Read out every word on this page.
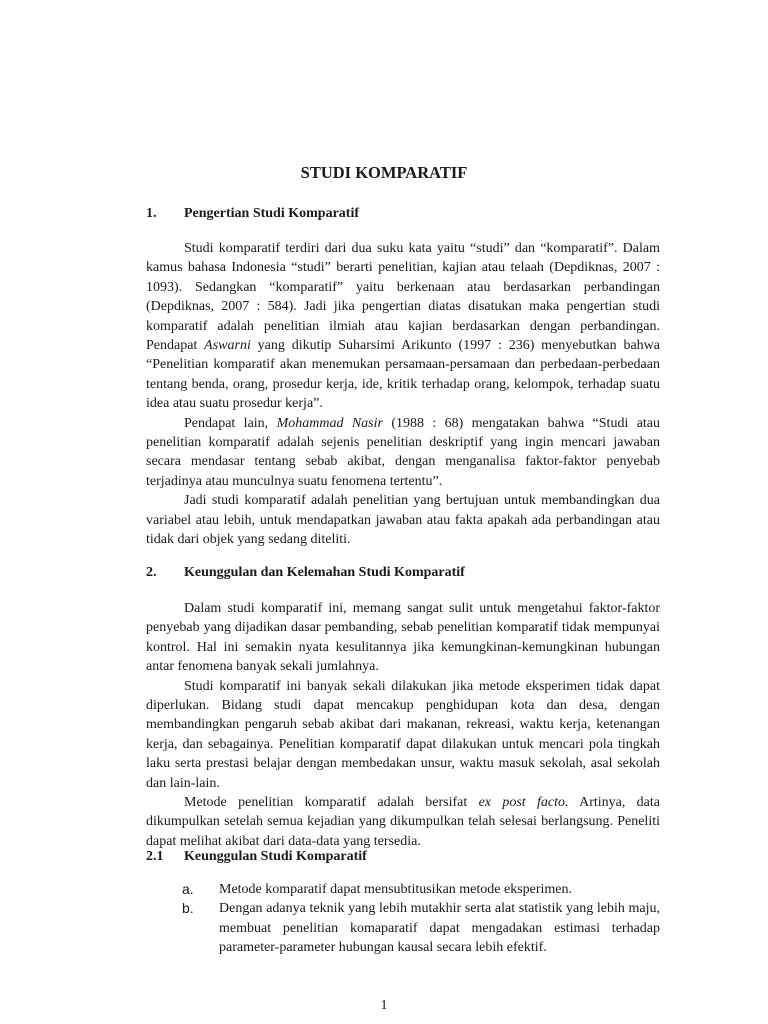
STUDI KOMPARATIF
1. Pengertian Studi Komparatif

Studi komparatif terdiri dari dua suku kata yaitu “studi” dan “komparatif”. Dalam kamus bahasa Indonesia “studi” berarti penelitian, kajian atau telaah (Depdiknas, 2007 : 1093). Sedangkan “komparatif” yaitu berkenaan atau berdasarkan perbandingan (Depdiknas, 2007 : 584). Jadi jika pengertian diatas disatukan maka pengertian studi komparatif adalah penelitian ilmiah atau kajian berdasarkan dengan perbandingan. Pendapat Aswarni yang dikutip Suharsimi Arikunto (1997 : 236) menyebutkan bahwa “Penelitian komparatif akan menemukan persamaan-persamaan dan perbedaan-perbedaan tentang benda, orang, prosedur kerja, ide, kritik terhadap orang, kelompok, terhadap suatu idea atau suatu prosedur kerja”.

Pendapat lain, Mohammad Nasir (1988 : 68) mengatakan bahwa “Studi atau penelitian komparatif adalah sejenis penelitian deskriptif yang ingin mencari jawaban secara mendasar tentang sebab akibat, dengan menganalisa faktor-faktor penyebab terjadinya atau munculnya suatu fenomena tertentu”.

Jadi studi komparatif adalah penelitian yang bertujuan untuk membandingkan dua variabel atau lebih, untuk mendapatkan jawaban atau fakta apakah ada perbandingan atau tidak dari objek yang sedang diteliti.

2. Keunggulan dan Kelemahan Studi Komparatif

Dalam studi komparatif ini, memang sangat sulit untuk mengetahui faktor-faktor penyebab yang dijadikan dasar pembanding, sebab penelitian komparatif tidak mempunyai kontrol. Hal ini semakin nyata kesulitannya jika kemungkinan-kemungkinan hubungan antar fenomena banyak sekali jumlahnya.

Studi komparatif ini banyak sekali dilakukan jika metode eksperimen tidak dapat diperlukan. Bidang studi dapat mencakup penghidupan kota dan desa, dengan membandingkan pengaruh sebab akibat dari makanan, rekreasi, waktu kerja, ketenangan kerja, dan sebagainya. Penelitian komparatif dapat dilakukan untuk mencari pola tingkah laku serta prestasi belajar dengan membedakan unsur, waktu masuk sekolah, asal sekolah dan lain-lain.

Metode penelitian komparatif adalah bersifat ex post facto. Artinya, data dikumpulkan setelah semua kejadian yang dikumpulkan telah selesai berlangsung. Peneliti dapat melihat akibat dari data-data yang tersedia.

2.1 Keunggulan Studi Komparatif
a. Metode komparatif dapat mensubtitusikan metode eksperimen.
b. Dengan adanya teknik yang lebih mutakhir serta alat statistik yang lebih maju, membuat penelitian komaparatif dapat mengadakan estimasi terhadap parameter-parameter hubungan kausal secara lebih efektif.
1
